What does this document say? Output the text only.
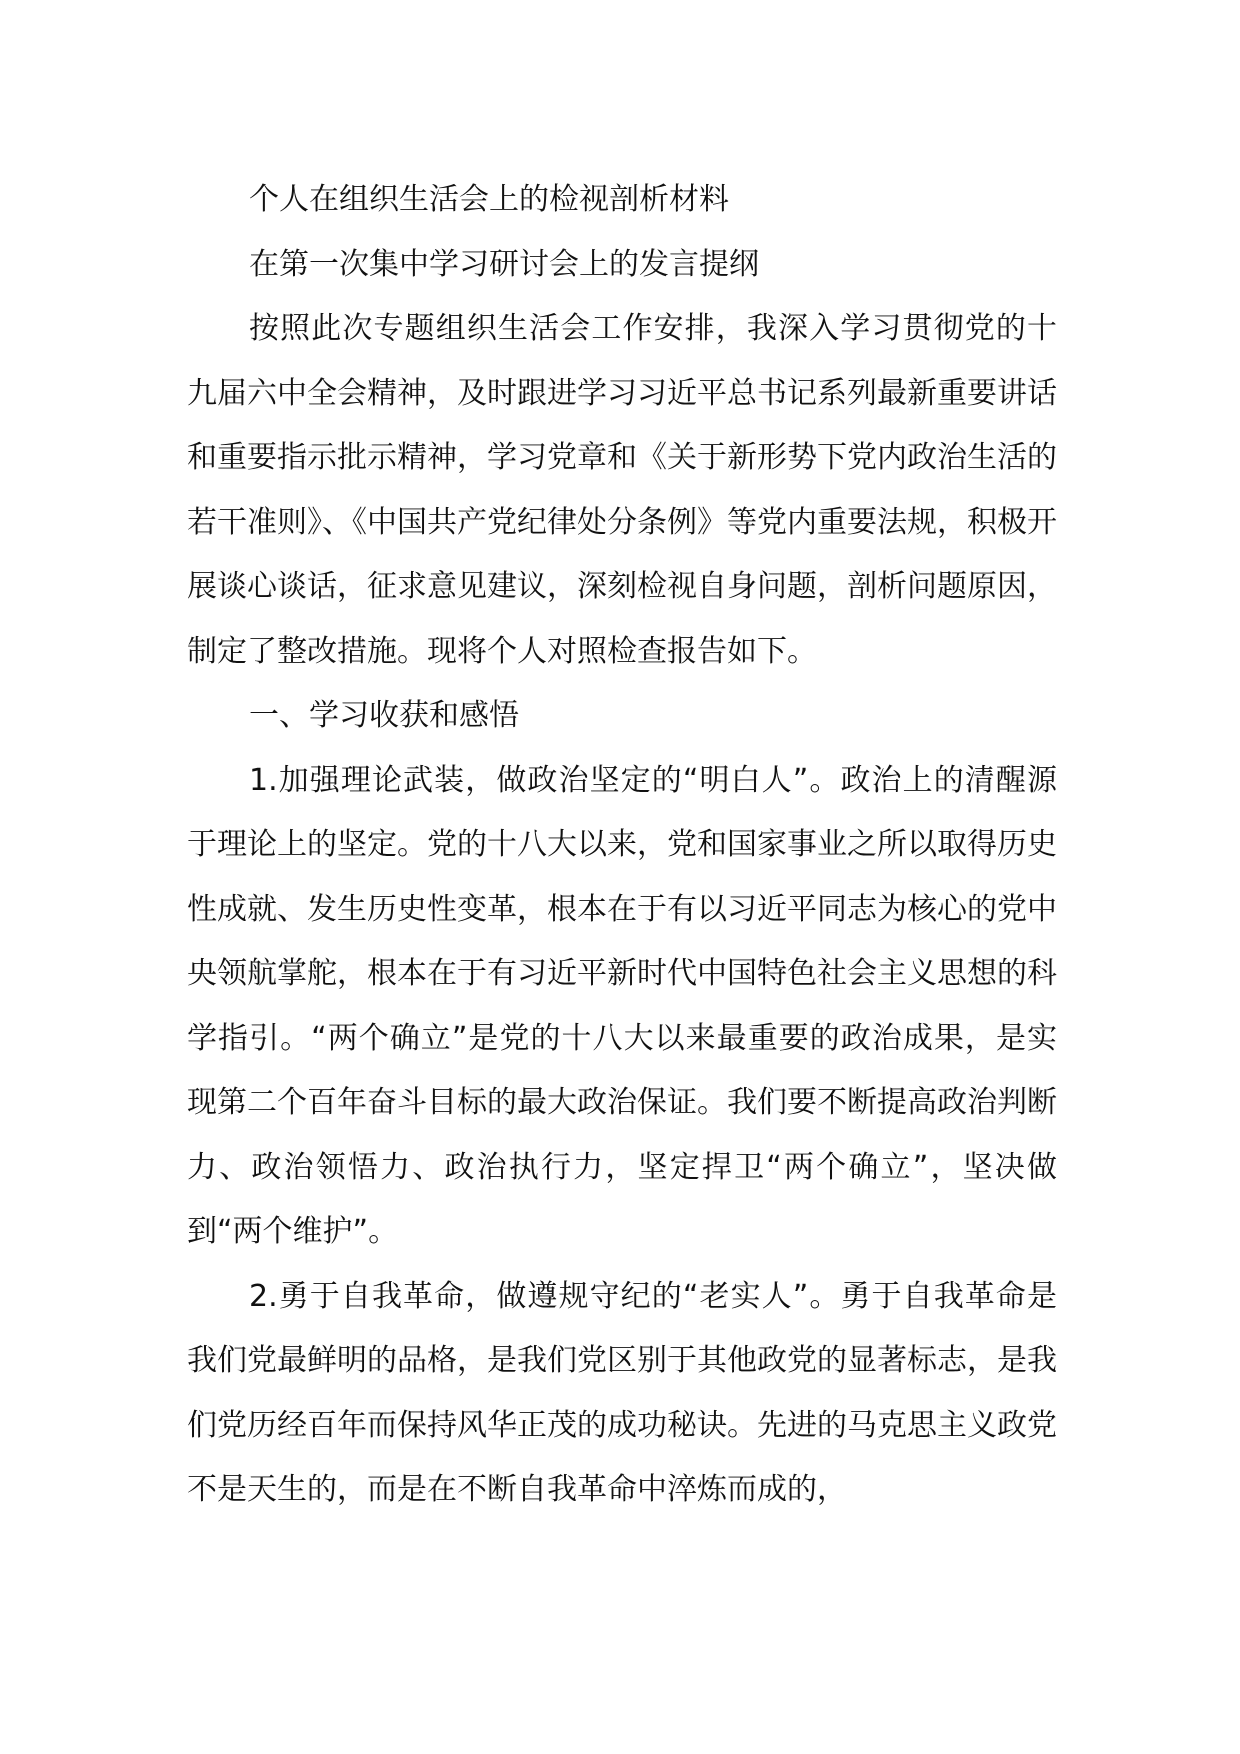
个人在组织生活会上的检视剖析材料

在第一次集中学习研讨会上的发言提纲

按照此次专题组织生活会工作安排，我深入学习贯彻党的十九届六中全会精神，及时跟进学习习近平总书记系列最新重要讲话和重要指示批示精神，学习党章和《关于新形势下党内政治生活的若干准则》、《中国共产党纪律处分条例》等党内重要法规，积极开展谈心谈话，征求意见建议，深刻检视自身问题，剖析问题原因，制定了整改措施。现将个人对照检查报告如下。

一、学习收获和感悟

1.加强理论武装，做政治坚定的“明白人”。政治上的清醒源于理论上的坚定。党的十八大以来，党和国家事业之所以取得历史性成就、发生历史性变革，根本在于有以习近平同志为核心的党中央领航掌舵，根本在于有习近平新时代中国特色社会主义思想的科学指引。“两个确立”是党的十八大以来最重要的政治成果，是实现第二个百年奋斗目标的最大政治保证。我们要不断提高政治判断力、政治领悟力、政治执行力，坚定捍卫“两个确立”，坚决做到“两个维护”。

2.勇于自我革命，做遵规守纪的“老实人”。勇于自我革命是我们党最鲜明的品格，是我们党区别于其他政党的显著标志，是我们党历经百年而保持风华正茂的成功秘诀。先进的马克思主义政党不是天生的，而是在不断自我革命中淬炼而成的，
